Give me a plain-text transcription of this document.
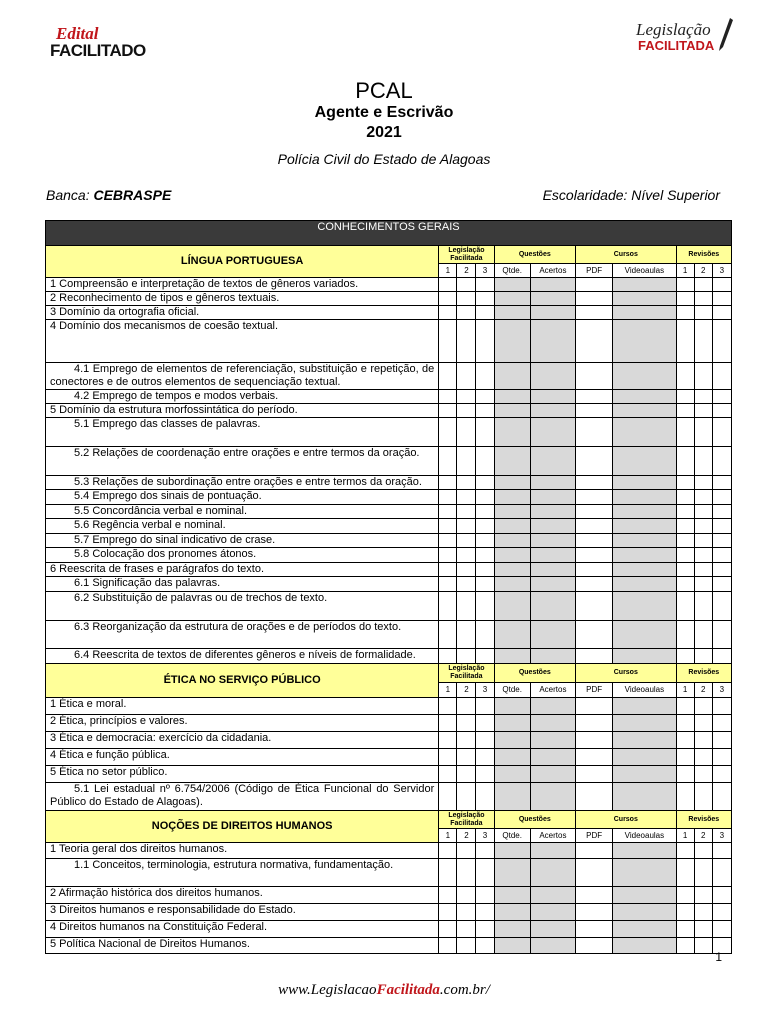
Edital
FACILITADO
Legislação
FACILITADA
PCAL
Agente e Escrivão
2021
Polícia Civil do Estado de Alagoas
Banca: CEBRASPE	Escolaridade: Nível Superior
CONHECIMENTOS GERAIS										
LÍNGUA PORTUGUESA	Legislação Facilitada			Questões		Cursos		Revisões		
	1	2	3	Qtde.	Acertos	PDF	Videoaulas	1	2	3
1 Compreensão e interpretação de textos de gêneros variados.										
2 Reconhecimento de tipos e gêneros textuais.										
3 Domínio da ortografia oficial.										
4 Domínio dos mecanismos de coesão textual.										
4.1 Emprego de elementos de referenciação, substituição e repetição, de conectores e de outros elementos de sequenciação textual.										
4.2 Emprego de tempos e modos verbais.										
5 Domínio da estrutura morfossintática do período.										
5.1 Emprego das classes de palavras.										
5.2 Relações de coordenação entre orações e entre termos da oração.										
5.3 Relações de subordinação entre orações e entre termos da oração.										
5.4 Emprego dos sinais de pontuação.										
5.5 Concordância verbal e nominal.										
5.6 Regência verbal e nominal.										
5.7 Emprego do sinal indicativo de crase.										
5.8 Colocação dos pronomes átonos.										
6 Reescrita de frases e parágrafos do texto.										
6.1 Significação das palavras.										
6.2 Substituição de palavras ou de trechos de texto.										
6.3 Reorganização da estrutura de orações e de períodos do texto.										
6.4 Reescrita de textos de diferentes gêneros e níveis de formalidade.										
ÉTICA NO SERVIÇO PÚBLICO	Legislação Facilitada			Questões		Cursos		Revisões		
	1	2	3	Qtde.	Acertos	PDF	Videoaulas	1	2	3
1 Ética e moral.										
2 Ética, princípios e valores.										
3 Ética e democracia: exercício da cidadania.										
4 Ética e função pública.										
5 Ética no setor público.										
5.1 Lei estadual nº 6.754/2006 (Código de Ética Funcional do Servidor Público do Estado de Alagoas).										
NOÇÕES DE DIREITOS HUMANOS	Legislação Facilitada			Questões		Cursos		Revisões		
	1	2	3	Qtde.	Acertos	PDF	Videoaulas	1	2	3
1 Teoria geral dos direitos humanos.										
1.1 Conceitos, terminologia, estrutura normativa, fundamentação.										
2 Afirmação histórica dos direitos humanos.										
3 Direitos humanos e responsabilidade do Estado.										
4 Direitos humanos na Constituição Federal.										
5 Política Nacional de Direitos Humanos.										
1
www.LegislacaoFacilitada.com.br/
